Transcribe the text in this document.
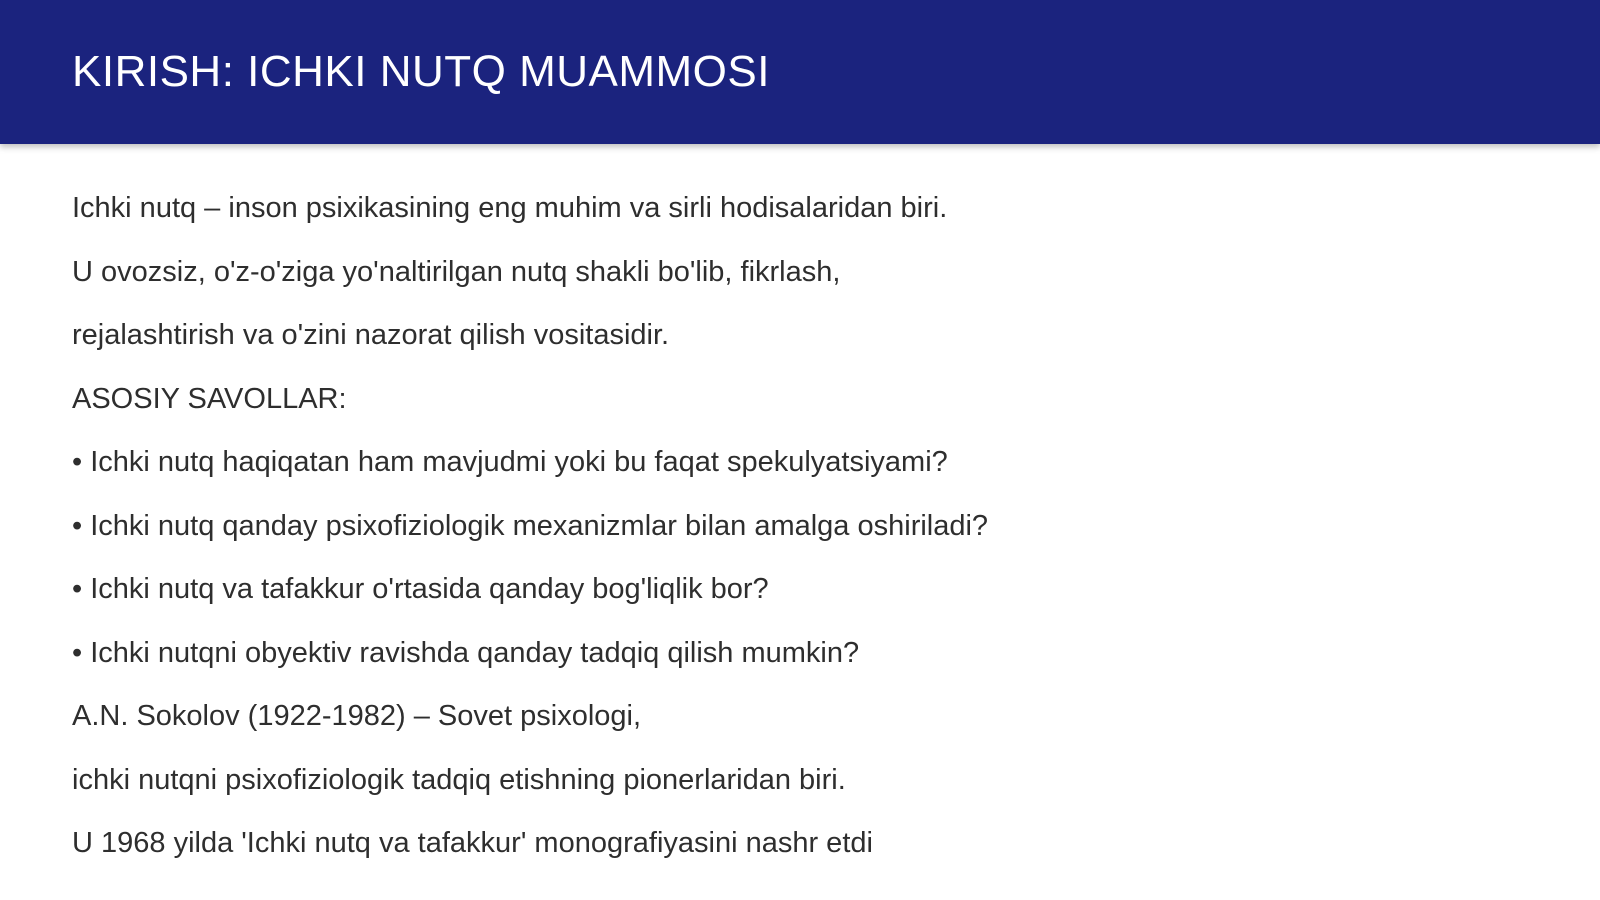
KIRISH: ICHKI NUTQ MUAMMOSI

Ichki nutq – inson psixikasining eng muhim va sirli hodisalaridan biri.

U ovozsiz, o'z-o'ziga yo'naltirilgan nutq shakli bo'lib, fikrlash,

rejalashtirish va o'zini nazorat qilish vositasidir.

ASOSIY SAVOLLAR:

• Ichki nutq haqiqatan ham mavjudmi yoki bu faqat spekulyatsiyami?

• Ichki nutq qanday psixofiziologik mexanizmlar bilan amalga oshiriladi?

• Ichki nutq va tafakkur o'rtasida qanday bog'liqlik bor?

• Ichki nutqni obyektiv ravishda qanday tadqiq qilish mumkin?

A.N. Sokolov (1922-1982) – Sovet psixologi,

ichki nutqni psixofiziologik tadqiq etishning pionerlaridan biri.

U 1968 yilda 'Ichki nutq va tafakkur' monografiyasini nashr etdi
